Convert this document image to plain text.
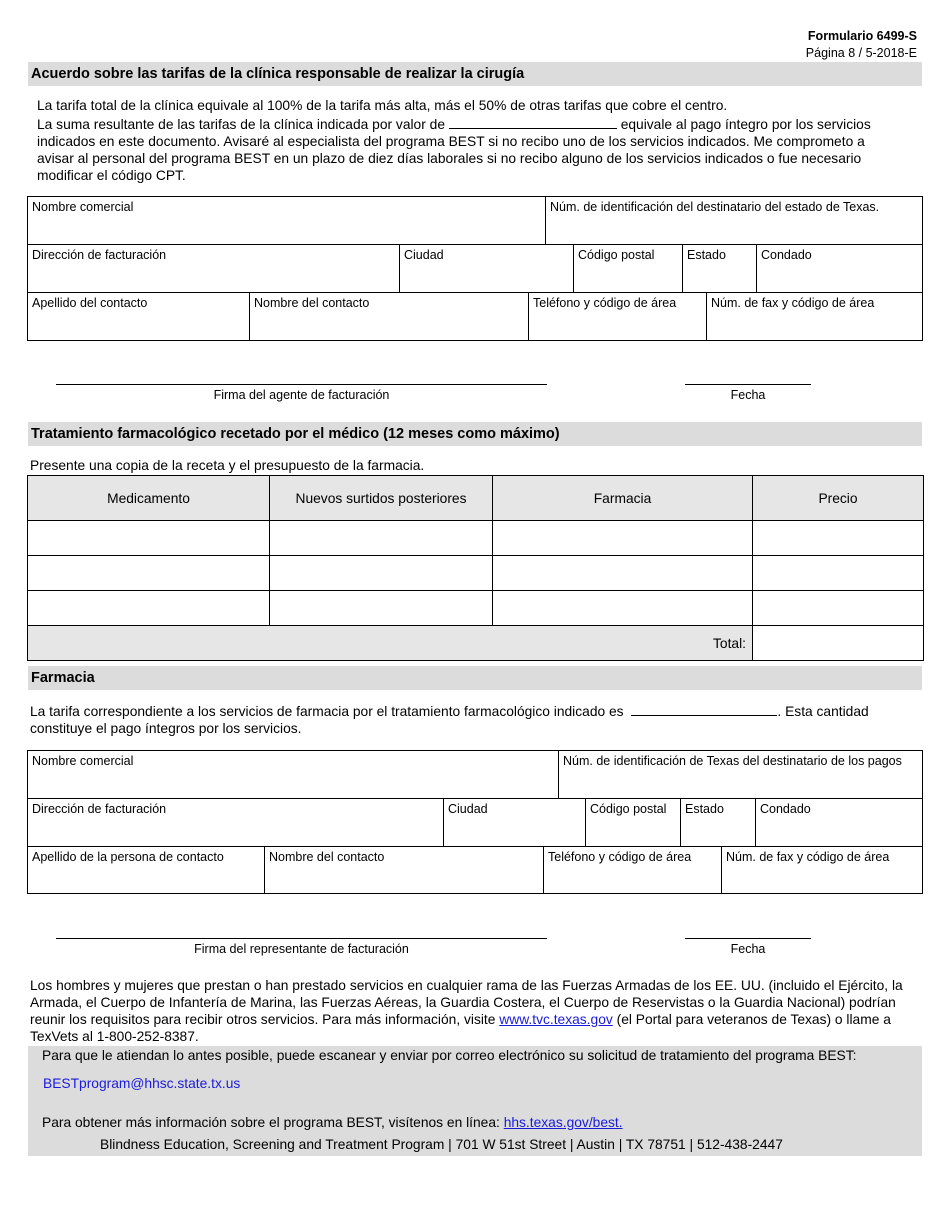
Formulario 6499-S
Página 8 / 5-2018-E
Acuerdo sobre las tarifas de la clínica responsable de realizar la cirugía
La tarifa total de la clínica equivale al 100% de la tarifa más alta, más el 50% de otras tarifas que cobre el centro.
La suma resultante de las tarifas de la clínica indicada por valor de	equivale al pago íntegro por los servicios
indicados en este documento. Avisaré al especialista del programa BEST si no recibo uno de los servicios indicados. Me comprometo a
avisar al personal del programa BEST en un plazo de diez días laborales si no recibo alguno de los servicios indicados o fue necesario
modificar el código CPT.
Nombre comercial	Núm. de identificación del destinatario del estado de Texas.
Dirección de facturación	Ciudad	Código postal	Estado	Condado
Apellido del contacto	Nombre del contacto	Teléfono y código de área	Núm. de fax y código de área
Firma del agente de facturación	Fecha
Tratamiento farmacológico recetado por el médico (12 meses como máximo)
Presente una copia de la receta y el presupuesto de la farmacia.
Medicamento	Nuevos surtidos posteriores	Farmacia	Precio

Total:			
Farmacia
La tarifa correspondiente a los servicios de farmacia por el tratamiento farmacológico indicado es	. Esta cantidad
constituye el pago íntegros por los servicios.
Nombre comercial	Núm. de identificación de Texas del destinatario de los pagos
Dirección de facturación	Ciudad	Código postal	Estado	Condado
Apellido de la persona de contacto	Nombre del contacto	Teléfono y código de área	Núm. de fax y código de área
Firma del representante de facturación	Fecha
Los hombres y mujeres que prestan o han prestado servicios en cualquier rama de las Fuerzas Armadas de los EE. UU. (incluido el Ejército, la
Armada, el Cuerpo de Infantería de Marina, las Fuerzas Aéreas, la Guardia Costera, el Cuerpo de Reservistas o la Guardia Nacional) podrían
reunir los requisitos para recibir otros servicios. Para más información, visite www.tvc.texas.gov (el Portal para veteranos de Texas) o llame a
TexVets al 1-800-252-8387.
Para que le atiendan lo antes posible, puede escanear y enviar por correo electrónico su solicitud de tratamiento del programa BEST:
BESTprogram@hhsc.state.tx.us
Para obtener más información sobre el programa BEST, visítenos en línea: hhs.texas.gov/best.
Blindness Education, Screening and Treatment Program | 701 W 51st Street | Austin | TX 78751 | 512-438-2447
